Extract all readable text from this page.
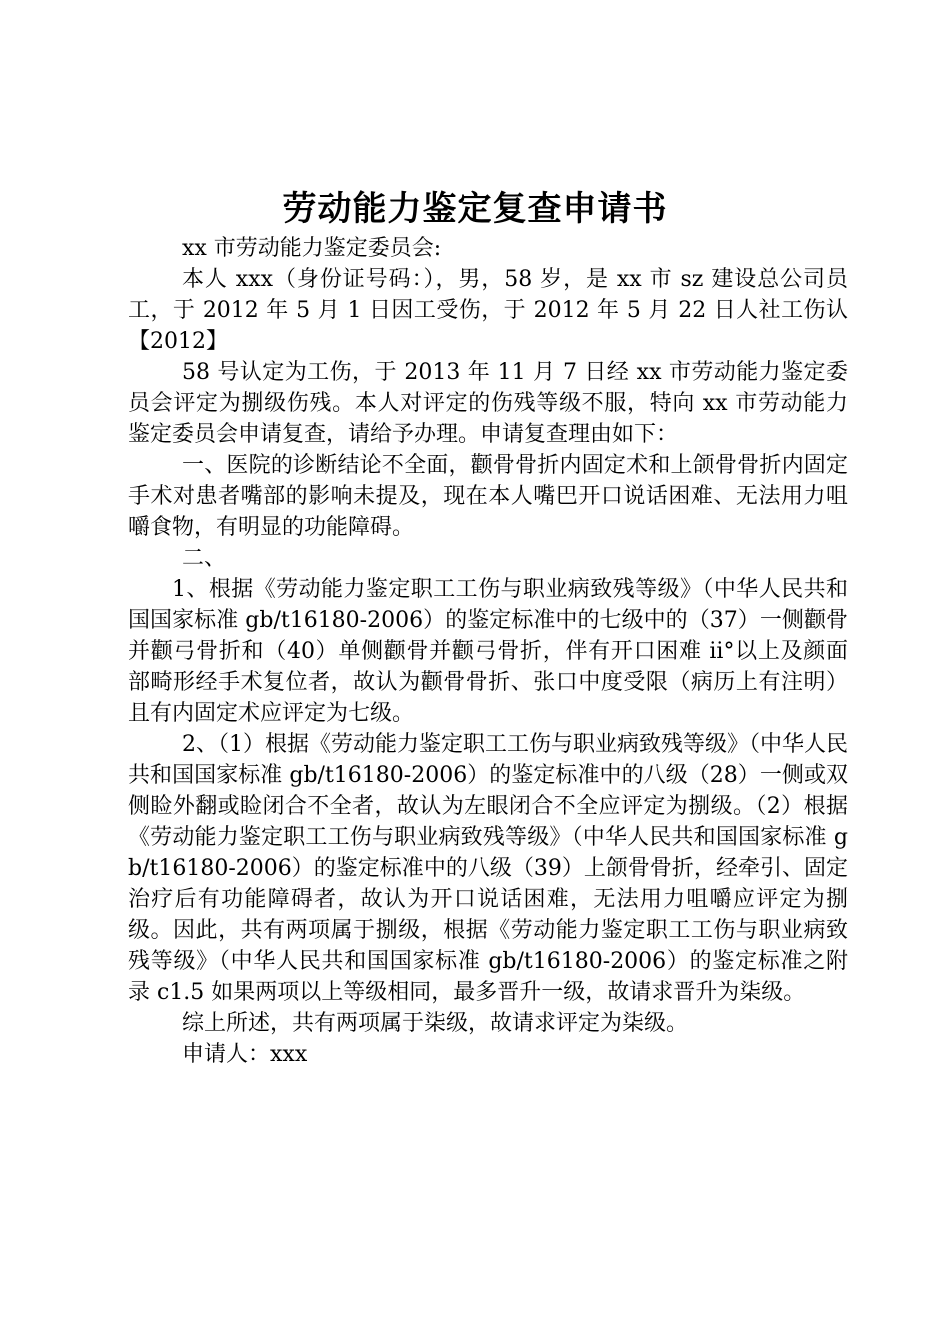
劳动能力鉴定复查申请书

xx 市劳动能力鉴定委员会:

本人 xxx（身份证号码：），男，58 岁，是 xx 市 sz 建设总公司员工，于 2012 年 5 月 1 日因工受伤，于 2012 年 5 月 22 日人社工伤认【2012】

58 号认定为工伤，于 2013 年 11 月 7 日经 xx 市劳动能力鉴定委员会评定为捌级伤残。本人对评定的伤残等级不服，特向 xx 市劳动能力鉴定委员会申请复查，请给予办理。申请复查理由如下：

一、医院的诊断结论不全面，颧骨骨折内固定术和上颌骨骨折内固定手术对患者嘴部的影响未提及，现在本人嘴巴开口说话困难、无法用力咀嚼食物，有明显的功能障碍。

二、

1、根据《劳动能力鉴定职工工伤与职业病致残等级》（中华人民共和国国家标准 gb/t16180-2006）的鉴定标准中的七级中的（37）一侧颧骨并颧弓骨折和（40）单侧颧骨并颧弓骨折，伴有开口困难 ii°以上及颜面部畸形经手术复位者，故认为颧骨骨折、张口中度受限（病历上有注明）且有内固定术应评定为七级。

2、（1）根据《劳动能力鉴定职工工伤与职业病致残等级》（中华人民共和国国家标准 gb/t16180-2006）的鉴定标准中的八级（28）一侧或双侧睑外翻或睑闭合不全者，故认为左眼闭合不全应评定为捌级。（2）根据《劳动能力鉴定职工工伤与职业病致残等级》（中华人民共和国国家标准 gb/t16180-2006）的鉴定标准中的八级（39）上颌骨骨折，经牵引、固定治疗后有功能障碍者，故认为开口说话困难，无法用力咀嚼应评定为捌级。因此，共有两项属于捌级，根据《劳动能力鉴定职工工伤与职业病致残等级》（中华人民共和国国家标准 gb/t16180-2006）的鉴定标准之附录 c1.5 如果两项以上等级相同，最多晋升一级，故请求晋升为柒级。

综上所述，共有两项属于柒级，故请求评定为柒级。

申请人：xxx
